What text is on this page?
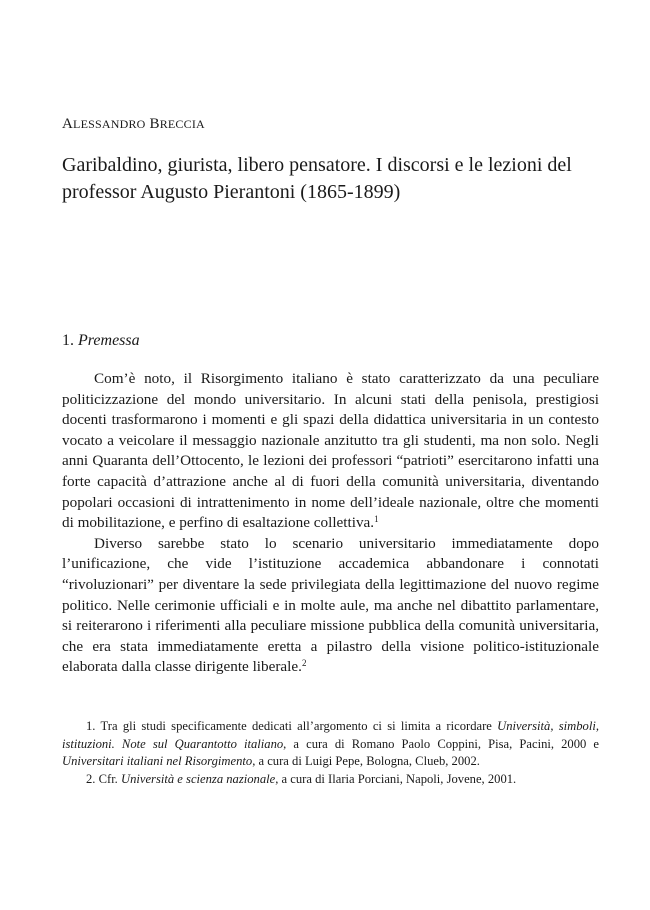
ALESSANDRO BRECCIA
Garibaldino, giurista, libero pensatore. I discorsi e le lezioni del professor Augusto Pierantoni (1865-1899)
1. Premessa

Com’è noto, il Risorgimento italiano è stato caratterizzato da una peculiare politicizzazione del mondo universitario. In alcuni stati della penisola, prestigiosi docenti trasformarono i momenti e gli spazi della didattica universitaria in un contesto vocato a veicolare il messaggio nazionale anzitutto tra gli studenti, ma non solo. Negli anni Quaranta dell’Ottocento, le lezioni dei professori “patrioti” esercitarono infatti una forte capacità d’attrazione anche al di fuori della comunità universitaria, diventando popolari occasioni di intrattenimento in nome dell’ideale nazionale, oltre che momenti di mobilitazione, e perfino di esaltazione collettiva.$^1$

Diverso sarebbe stato lo scenario universitario immediatamente dopo l’unificazione, che vide l’istituzione accademica abbandonare i connotati “rivoluzionari” per diventare la sede privilegiata della legittimazione del nuovo regime politico. Nelle cerimonie ufficiali e in molte aule, ma anche nel dibattito parlamentare, si reiterarono i riferimenti alla peculiare missione pubblica della comunità universitaria, che era stata immediatamente eretta a pilastro della visione politico-istituzionale elaborata dalla classe dirigente liberale.$^2$

1. Tra gli studi specificamente dedicati all’argomento ci si limita a ricordare Università, simboli, istituzioni. Note sul Quarantotto italiano, a cura di Romano Paolo Coppini, Pisa, Pacini, 2000 e Universitari italiani nel Risorgimento, a cura di Luigi Pepe, Bologna, Clueb, 2002.

2. Cfr. Università e scienza nazionale, a cura di Ilaria Porciani, Napoli, Jovene, 2001.
